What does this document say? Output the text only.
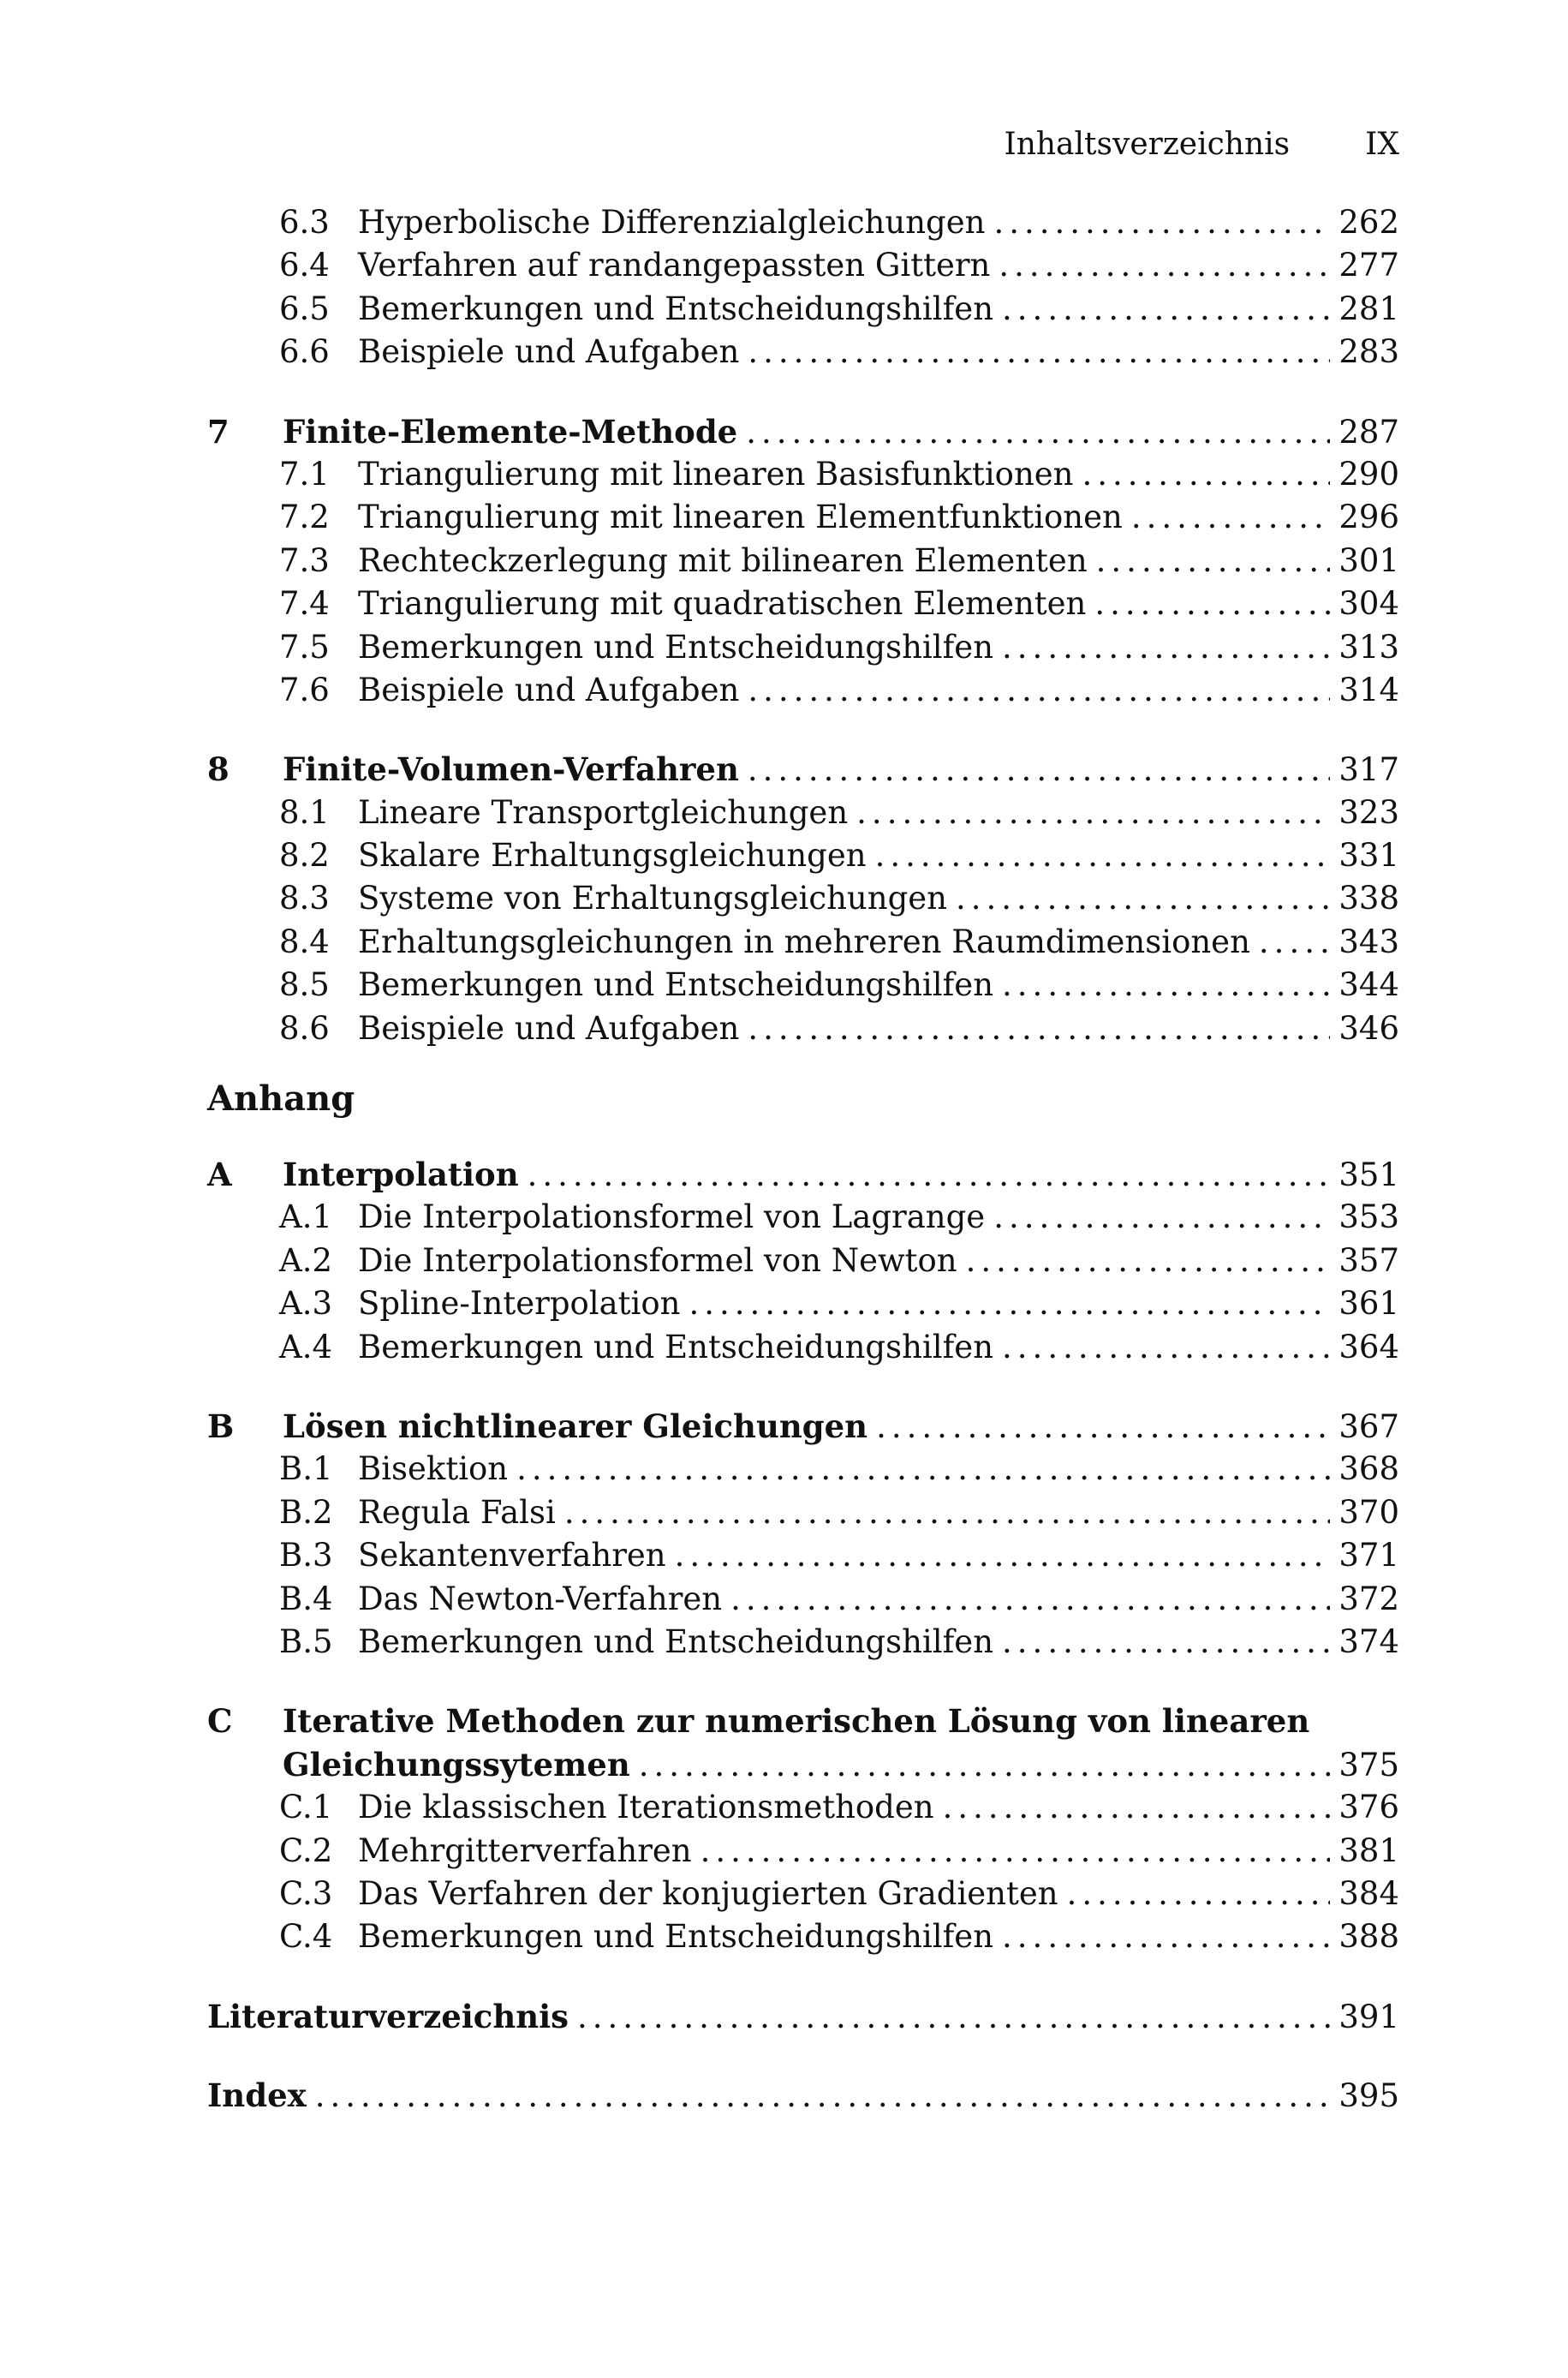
Inhaltsverzeichnis IX
6.3 Hyperbolische Differenzialgleichungen .....	262
6.4 Verfahren auf randangepassten Gittern .....	277
6.5 Bemerkungen und Entscheidungshilfen .....	281
6.6 Beispiele und Aufgaben .....	283
7	Finite-Elemente-Methode .....	287
7.1 Triangulierung mit linearen Basisfunktionen .....	290
7.2 Triangulierung mit linearen Elementfunktionen .....	296
7.3 Rechteckzerlegung mit bilinearen Elementen .....	301
7.4 Triangulierung mit quadratischen Elementen .....	304
7.5 Bemerkungen und Entscheidungshilfen .....	313
7.6 Beispiele und Aufgaben .....	314
8	Finite-Volumen-Verfahren .....	317
8.1 Lineare Transportgleichungen .....	323
8.2 Skalare Erhaltungsgleichungen .....	331
8.3 Systeme von Erhaltungsgleichungen .....	338
8.4 Erhaltungsgleichungen in mehreren Raumdimensionen .....	343
8.5 Bemerkungen und Entscheidungshilfen .....	344
8.6 Beispiele und Aufgaben .....	346
Anhang
A	Interpolation .....	351
A.1 Die Interpolationsformel von Lagrange .....	353
A.2 Die Interpolationsformel von Newton .....	357
A.3 Spline-Interpolation .....	361
A.4 Bemerkungen und Entscheidungshilfen .....	364
B	Lösen nichtlinearer Gleichungen .....	367
B.1 Bisektion .....	368
B.2 Regula Falsi .....	370
B.3 Sekantenverfahren .....	371
B.4 Das Newton-Verfahren .....	372
B.5 Bemerkungen und Entscheidungshilfen .....	374
C	Iterative Methoden zur numerischen Lösung von linearen
Gleichungssytemen .....	375
C.1 Die klassischen Iterationsmethoden .....	376
C.2 Mehrgitterverfahren .....	381
C.3 Das Verfahren der konjugierten Gradienten .....	384
C.4 Bemerkungen und Entscheidungshilfen .....	388
Literaturverzeichnis .....	391
Index .....	395
